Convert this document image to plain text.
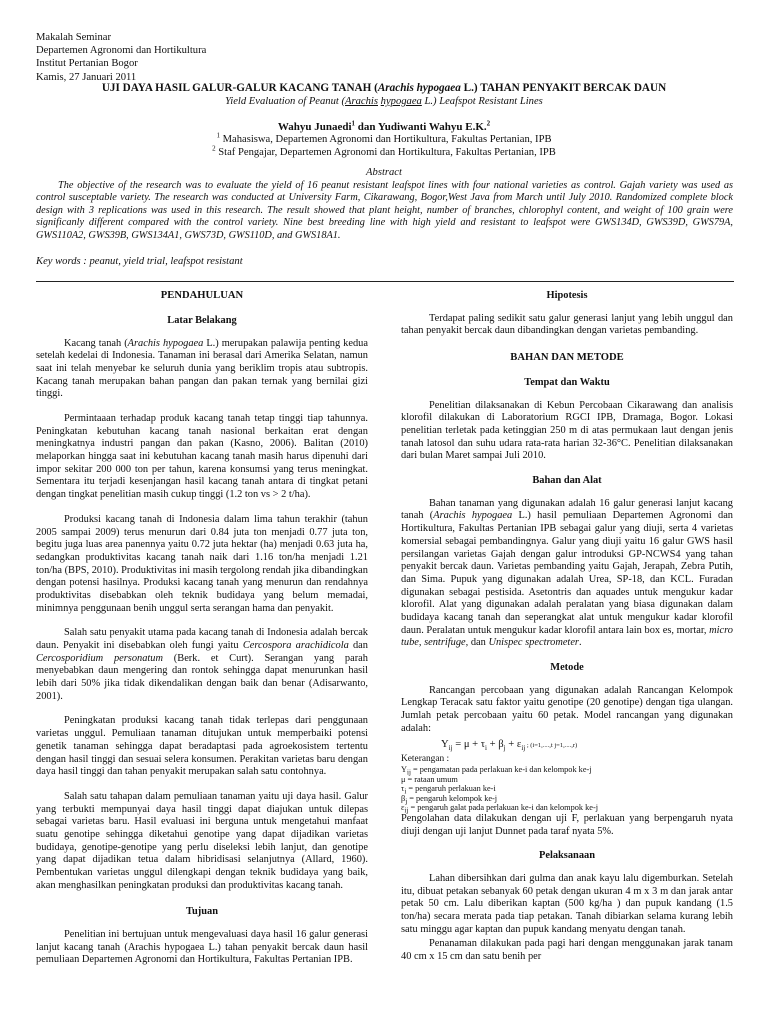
Makalah Seminar
Departemen Agronomi dan Hortikultura
Institut Pertanian Bogor
Kamis, 27 Januari 2011
UJI DAYA HASIL GALUR-GALUR KACANG TANAH (Arachis hypogaea L.) TAHAN PENYAKIT BERCAK DAUN
Yield Evaluation of Peanut (Arachis hypogaea L.) Leafspot Resistant Lines
Wahyu Junaedi$^1$ dan Yudiwanti Wahyu E.K.$^2$
$^1$ Mahasiswa, Departemen Agronomi dan Hortikultura, Fakultas Pertanian, IPB
$^2$ Staf Pengajar, Departemen Agronomi dan Hortikultura, Fakultas Pertanian, IPB
Abstract

The objective of the research was to evaluate the yield of 16 peanut resistant leafspot lines with four national varieties as control. Gajah variety was used as control susceptable variety. The research was conducted at University Farm, Cikarawang, Bogor,West Java from March until July 2010. Randomized complete block design with 3 replications was used in this research. The result showed that plant height, number of branches, chlorophyl content, and weight of 100 grain were significanly different compared with the control variety. Nine best breeding line with high yield and resistant to leafspot were GWS134D, GWS39D, GWS79A, GWS110A2, GWS39B, GWS134A1, GWS73D, GWS110D, and GWS18A1.

Key words : peanut, yield trial, leafspot resistant
PENDAHULUAN
Latar Belakang

Kacang tanah (Arachis hypogaea L.) merupakan palawija penting kedua setelah kedelai di Indonesia. Tanaman ini berasal dari Amerika Selatan, namun saat ini telah menyebar ke seluruh dunia yang beriklim tropis atau subtropis. Kacang tanah merupakan bahan pangan dan pakan ternak yang bernilai gizi tinggi.

Permintaaan terhadap produk kacang tanah tetap tinggi tiap tahunnya. Peningkatan kebutuhan kacang tanah nasional berkaitan erat dengan meningkatnya industri pangan dan pakan (Kasno, 2006). Balitan (2010) melaporkan hingga saat ini kebutuhan kacang tanah masih harus dipenuhi dari impor sekitar 200 000 ton per tahun, karena konsumsi yang terus meningkat. Sementara itu terjadi kesenjangan hasil kacang tanah antara di tingkat petani dengan tingkat penelitian masih cukup tinggi (1.2 ton vs > 2 t/ha).

Produksi kacang tanah di Indonesia dalam lima tahun terakhir (tahun 2005 sampai 2009) terus menurun dari 0.84 juta ton menjadi 0.77 juta ton, begitu juga luas area panennya yaitu 0.72 juta hektar (ha) menjadi 0.63 juta ha, sedangkan produktivitas kacang tanah naik dari 1.16 ton/ha menjadi 1.21 ton/ha (BPS, 2010). Produktivitas ini masih tergolong rendah jika dibandingkan dengan potensi hasilnya. Produksi kacang tanah yang menurun dan rendahnya produktivitas disebabkan oleh teknik budidaya yang belum memadai, minimnya penggunaan benih unggul serta serangan hama dan penyakit.

Salah satu penyakit utama pada kacang tanah di Indonesia adalah bercak daun. Penyakit ini disebabkan oleh fungi yaitu Cercospora arachidicola dan Cercosporidium personatum (Berk. et Curt). Serangan yang parah menyebabkan daun mengering dan rontok sehingga dapat menurunkan hasil lebih dari 50% jika tidak dikendalikan dengan baik dan benar (Adisarwanto, 2001).

Peningkatan produksi kacang tanah tidak terlepas dari penggunaan varietas unggul. Pemuliaan tanaman ditujukan untuk memperbaiki potensi genetik tanaman sehingga dapat beradaptasi pada agroekosistem tertentu dengan hasil tinggi dan sesuai selera konsumen. Perakitan varietas baru dengan daya hasil tinggi dan tahan penyakit merupakan salah satu contohnya.

Salah satu tahapan dalam pemuliaan tanaman yaitu uji daya hasil. Galur yang terbukti mempunyai daya hasil tinggi dapat diajukan untuk dilepas sebagai varietas baru. Hasil evaluasi ini berguna untuk mengetahui manfaat suatu genotipe sehingga diketahui genotipe yang dapat dijadikan varietas budidaya, genotipe-genotipe yang perlu diseleksi lebih lanjut, dan genotipe yang dapat dijadikan tetua dalam hibridisasi selanjutnya (Allard, 1960). Pembentukan varietas unggul dilengkapi dengan teknik budidaya yang baik, akan menghasilkan peningkatan produksi dan produktivitas kacang tanah.

Tujuan

Penelitian ini bertujuan untuk mengevaluasi daya hasil 16 galur generasi lanjut kacang tanah (Arachis hypogaea L.) tahan penyakit bercak daun hasil pemuliaan Departemen Agronomi dan Hortikultura, Fakultas Pertanian IPB.

Hipotesis

Terdapat paling sedikit satu galur generasi lanjut yang lebih unggul dan tahan penyakit bercak daun dibandingkan dengan varietas pembanding.

BAHAN DAN METODE
Tempat dan Waktu

Penelitian dilaksanakan di Kebun Percobaan Cikarawang dan analisis klorofil dilakukan di Laboratorium RGCI IPB, Dramaga, Bogor. Lokasi penelitian terletak pada ketinggian 250 m di atas permukaan laut dengan jenis tanah latosol dan suhu udara rata-rata harian 32-36°C. Penelitian dilaksanakan dari bulan Maret sampai Juli 2010.

Bahan dan Alat

Bahan tanaman yang digunakan adalah 16 galur generasi lanjut kacang tanah (Arachis hypogaea L.) hasil pemuliaan Departemen Agronomi dan Hortikultura, Fakultas Pertanian IPB sebagai galur yang diuji, serta 4 varietas komersial sebagai pembandingnya. Galur yang diuji yaitu 16 galur GWS hasil persilangan varietas Gajah dengan galur introduksi GP-NCWS4 yang tahan penyakit bercak daun. Varietas pembanding yaitu Gajah, Jerapah, Zebra Putih, dan Sima. Pupuk yang digunakan adalah Urea, SP-18, dan KCL. Furadan digunakan sebagai pestisida. Asetontris dan aquades untuk mengukur kadar klorofil. Alat yang digunakan adalah peralatan yang biasa digunakan dalam budidaya kacang tanah dan seperangkat alat untuk mengukur kadar klorofil daun. Peralatan untuk mengukur kadar klorofil antara lain box es, mortar, micro tube, sentrifuge, dan Unispec spectrometer.

Metode

Rancangan percobaan yang digunakan adalah Rancangan Kelompok Lengkap Teracak satu faktor yaitu genotipe (20 genotipe) dengan tiga ulangan. Jumlah petak percobaan yaitu 60 petak. Model rancangan yang digunakan adalah:

$Y_{ij} = \mu + \tau_i + \beta_j + \varepsilon_{ij}$ ; (i=1,....,t j=1,....,r)
Keterangan :
$Y_{ij}$ = pengamatan pada perlakuan ke-i dan kelompok ke-j
μ = rataan umum
$\tau_i$ = pengaruh perlakuan ke-i
$\beta_j$ = pengaruh kelompok ke-j
$\varepsilon_{ij}$ = pengaruh galat pada perlakuan ke-i dan kelompok ke-j

Pengolahan data dilakukan dengan uji F, perlakuan yang berpengaruh nyata diuji dengan uji lanjut Dunnet pada taraf nyata 5%.

Pelaksanaan

Lahan dibersihkan dari gulma dan anak kayu lalu digemburkan. Setelah itu, dibuat petakan sebanyak 60 petak dengan ukuran 4 m x 3 m dan jarak antar petak 50 cm. Lalu diberikan kaptan (500 kg/ha ) dan pupuk kandang (1.5 ton/ha) secara merata pada tiap petakan. Tanah dibiarkan selama kurang lebih satu minggu agar kaptan dan pupuk kandang menyatu dengan tanah.

Penanaman dilakukan pada pagi hari dengan menggunakan jarak tanam 40 cm x 15 cm dan satu benih per
